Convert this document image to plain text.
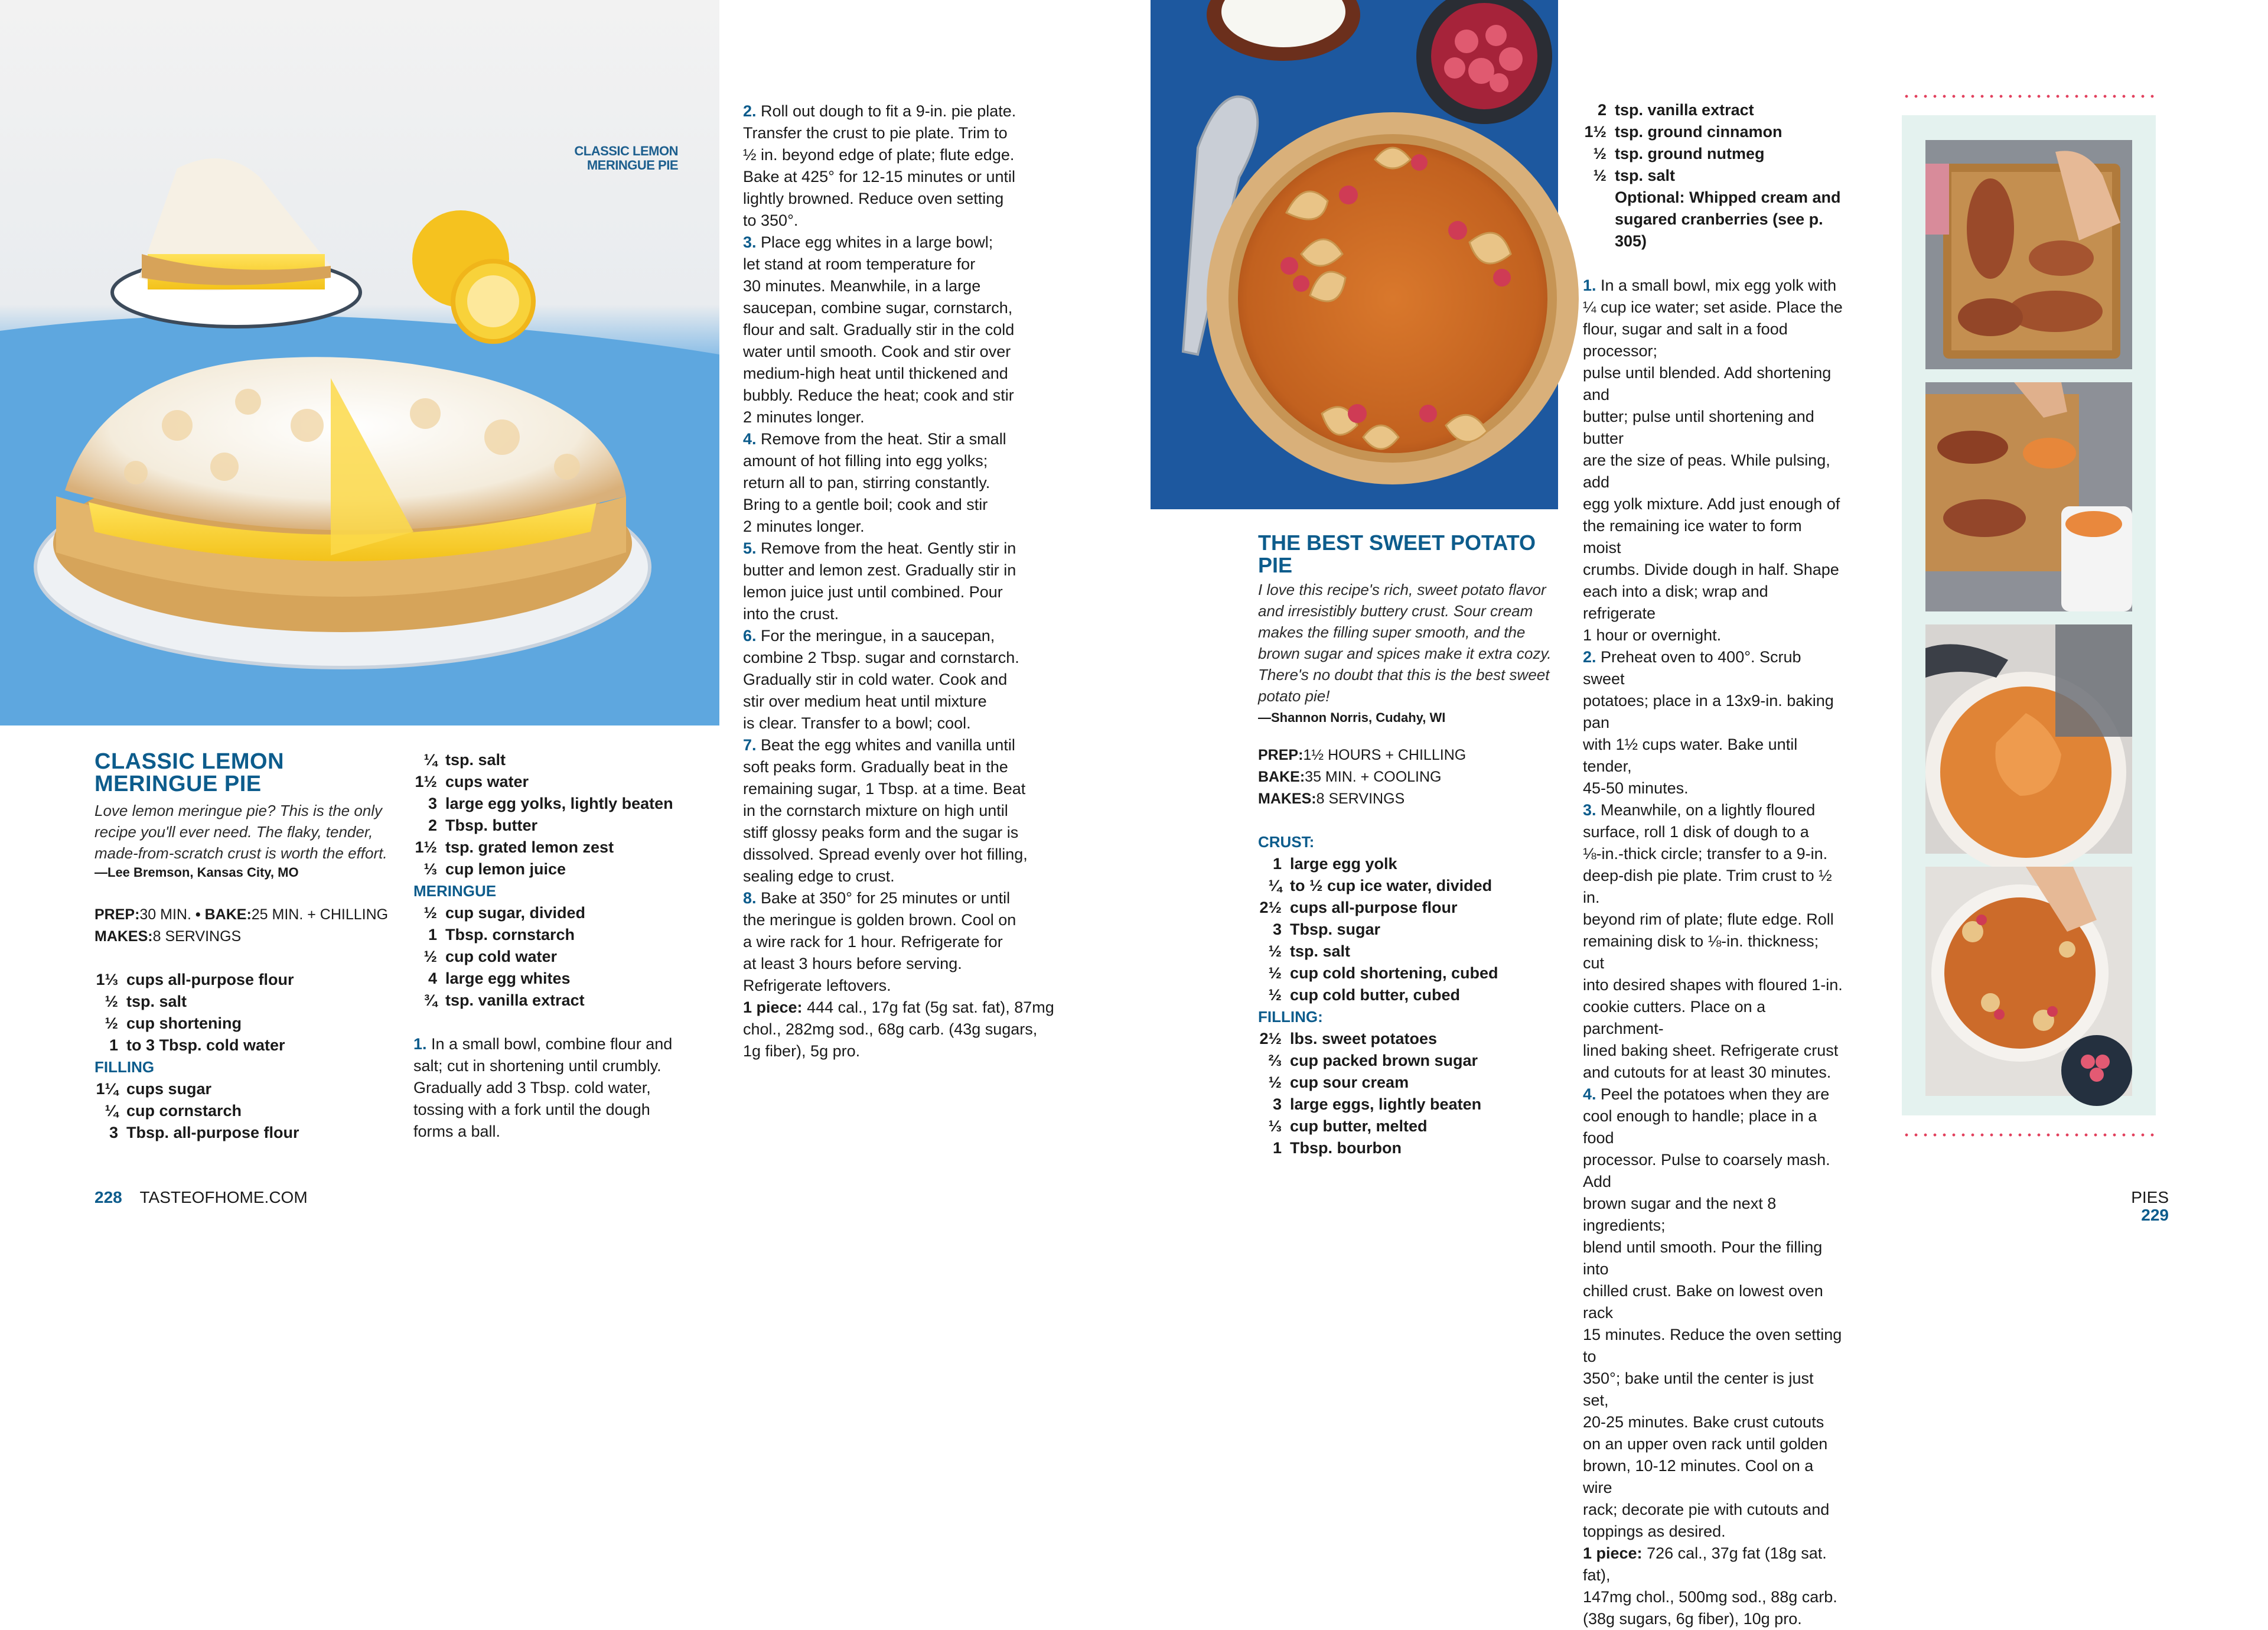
CLASSIC LEMON
MERINGUE PIE
CLASSIC LEMON
MERINGUE PIE
Love lemon meringue pie? This is the only
recipe you'll ever need. The flaky, tender,
made-from-scratch crust is worth the effort.
—Lee Bremson, Kansas City, MO
PREP:30 MIN. • BAKE:25 MIN. + CHILLING
MAKES:8 SERVINGS
1⅓ cups all-purpose flour
½ tsp. salt
½ cup shortening
1 to 3 Tbsp. cold water
FILLING
1¼ cups sugar
¼ cup cornstarch
3 Tbsp. all-purpose flour
¼ tsp. salt
1½ cups water
3 large egg yolks, lightly beaten
2 Tbsp. butter
1½ tsp. grated lemon zest
⅓ cup lemon juice
MERINGUE
½ cup sugar, divided
1 Tbsp. cornstarch
½ cup cold water
4 large egg whites
¾ tsp. vanilla extract
1. In a small bowl, combine flour and
salt; cut in shortening until crumbly.
Gradually add 3 Tbsp. cold water,
tossing with a fork until the dough
forms a ball.
2. Roll out dough to fit a 9-in. pie plate.
Transfer the crust to pie plate. Trim to
½ in. beyond edge of plate; flute edge.
Bake at 425° for 12-15 minutes or until
lightly browned. Reduce oven setting
to 350°.
3. Place egg whites in a large bowl;
let stand at room temperature for
30 minutes. Meanwhile, in a large
saucepan, combine sugar, cornstarch,
flour and salt. Gradually stir in the cold
water until smooth. Cook and stir over
medium-high heat until thickened and
bubbly. Reduce the heat; cook and stir
2 minutes longer.
4. Remove from the heat. Stir a small
amount of hot filling into egg yolks;
return all to pan, stirring constantly.
Bring to a gentle boil; cook and stir
2 minutes longer.
5. Remove from the heat. Gently stir in
butter and lemon zest. Gradually stir in
lemon juice just until combined. Pour
into the crust.
6. For the meringue, in a saucepan,
combine 2 Tbsp. sugar and cornstarch.
Gradually stir in cold water. Cook and
stir over medium heat until mixture
is clear. Transfer to a bowl; cool.
7. Beat the egg whites and vanilla until
soft peaks form. Gradually beat in the
remaining sugar, 1 Tbsp. at a time. Beat
in the cornstarch mixture on high until
stiff glossy peaks form and the sugar is
dissolved. Spread evenly over hot filling,
sealing edge to crust.
8. Bake at 350° for 25 minutes or until
the meringue is golden brown. Cool on
a wire rack for 1 hour. Refrigerate for
at least 3 hours before serving.
Refrigerate leftovers.
1 piece: 444 cal., 17g fat (5g sat. fat), 87mg
chol., 282mg sod., 68g carb. (43g sugars,
1g fiber), 5g pro.
228 TASTEOFHOME.COM
THE BEST SWEET POTATO PIE
I love this recipe's rich, sweet potato flavor
and irresistibly buttery crust. Sour cream
makes the filling super smooth, and the
brown sugar and spices make it extra cozy.
There's no doubt that this is the best sweet
potato pie!
—Shannon Norris, Cudahy, WI
PREP:1½ HOURS + CHILLING
BAKE:35 MIN. + COOLING
MAKES:8 SERVINGS
CRUST:
1 large egg yolk
¼ to ½ cup ice water, divided
2½ cups all-purpose flour
3 Tbsp. sugar
½ tsp. salt
½ cup cold shortening, cubed
½ cup cold butter, cubed
FILLING:
2½ lbs. sweet potatoes
⅔ cup packed brown sugar
½ cup sour cream
3 large eggs, lightly beaten
⅓ cup butter, melted
1 Tbsp. bourbon
2 tsp. vanilla extract
1½ tsp. ground cinnamon
½ tsp. ground nutmeg
½ tsp. salt
Optional: Whipped cream and
sugared cranberries (see p. 305)
1. In a small bowl, mix egg yolk with
¼ cup ice water; set aside. Place the
flour, sugar and salt in a food processor;
pulse until blended. Add shortening and
butter; pulse until shortening and butter
are the size of peas. While pulsing, add
egg yolk mixture. Add just enough of
the remaining ice water to form moist
crumbs. Divide dough in half. Shape
each into a disk; wrap and refrigerate
1 hour or overnight.
2. Preheat oven to 400°. Scrub sweet
potatoes; place in a 13x9-in. baking pan
with 1½ cups water. Bake until tender,
45-50 minutes.
3. Meanwhile, on a lightly floured
surface, roll 1 disk of dough to a
⅛-in.-thick circle; transfer to a 9-in.
deep-dish pie plate. Trim crust to ½ in.
beyond rim of plate; flute edge. Roll
remaining disk to ⅛-in. thickness; cut
into desired shapes with floured 1-in.
cookie cutters. Place on a parchment-
lined baking sheet. Refrigerate crust
and cutouts for at least 30 minutes.
4. Peel the potatoes when they are
cool enough to handle; place in a food
processor. Pulse to coarsely mash. Add
brown sugar and the next 8 ingredients;
blend until smooth. Pour the filling into
chilled crust. Bake on lowest oven rack
15 minutes. Reduce the oven setting to
350°; bake until the center is just set,
20-25 minutes. Bake crust cutouts
on an upper oven rack until golden
brown, 10-12 minutes. Cool on a wire
rack; decorate pie with cutouts and
toppings as desired.
1 piece: 726 cal., 37g fat (18g sat. fat),
147mg chol., 500mg sod., 88g carb.
(38g sugars, 6g fiber), 10g pro.
PIES 229
